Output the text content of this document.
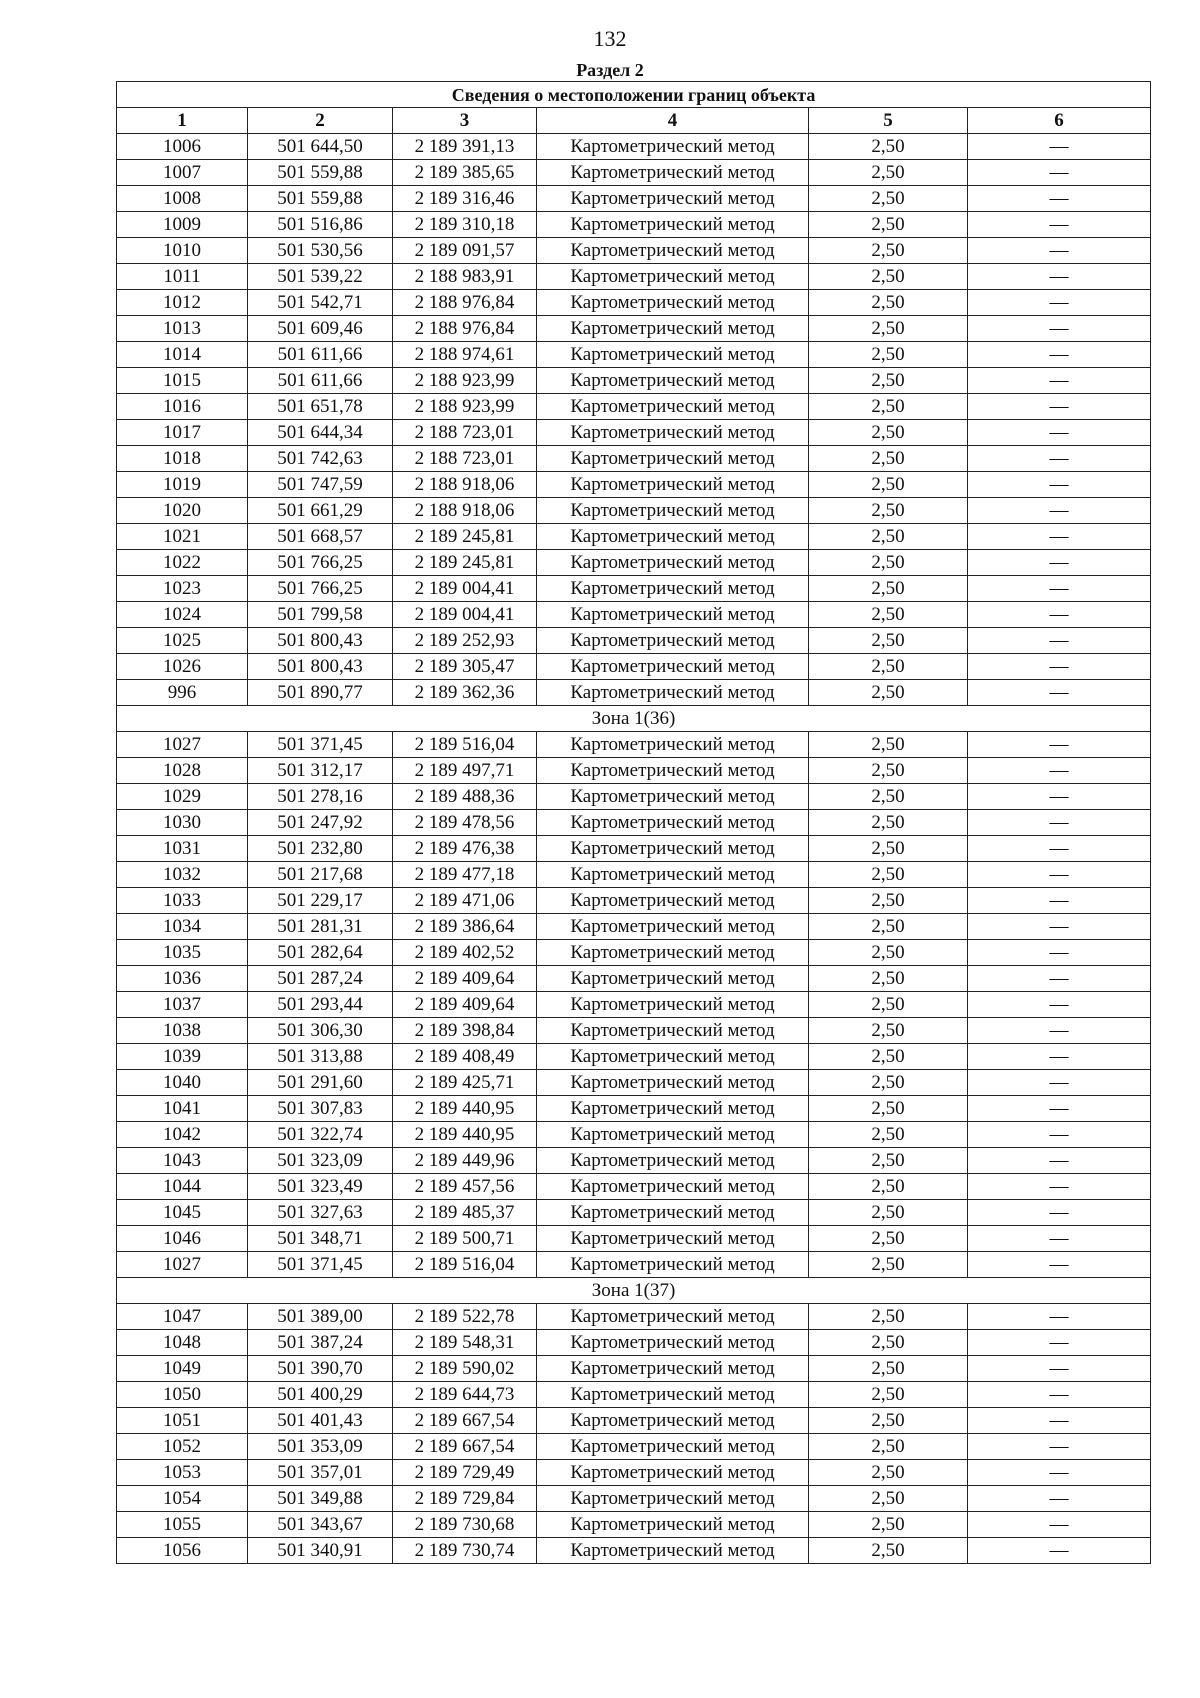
132
Раздел 2
Сведения о местоположении границ объекта					
1	2	3	4	5	6
1006	501 644,50	2 189 391,13	Картометрический метод	2,50	—
1007	501 559,88	2 189 385,65	Картометрический метод	2,50	—
1008	501 559,88	2 189 316,46	Картометрический метод	2,50	—
1009	501 516,86	2 189 310,18	Картометрический метод	2,50	—
1010	501 530,56	2 189 091,57	Картометрический метод	2,50	—
1011	501 539,22	2 188 983,91	Картометрический метод	2,50	—
1012	501 542,71	2 188 976,84	Картометрический метод	2,50	—
1013	501 609,46	2 188 976,84	Картометрический метод	2,50	—
1014	501 611,66	2 188 974,61	Картометрический метод	2,50	—
1015	501 611,66	2 188 923,99	Картометрический метод	2,50	—
1016	501 651,78	2 188 923,99	Картометрический метод	2,50	—
1017	501 644,34	2 188 723,01	Картометрический метод	2,50	—
1018	501 742,63	2 188 723,01	Картометрический метод	2,50	—
1019	501 747,59	2 188 918,06	Картометрический метод	2,50	—
1020	501 661,29	2 188 918,06	Картометрический метод	2,50	—
1021	501 668,57	2 189 245,81	Картометрический метод	2,50	—
1022	501 766,25	2 189 245,81	Картометрический метод	2,50	—
1023	501 766,25	2 189 004,41	Картометрический метод	2,50	—
1024	501 799,58	2 189 004,41	Картометрический метод	2,50	—
1025	501 800,43	2 189 252,93	Картометрический метод	2,50	—
1026	501 800,43	2 189 305,47	Картометрический метод	2,50	—
996	501 890,77	2 189 362,36	Картометрический метод	2,50	—
Зона 1(36)					
1027	501 371,45	2 189 516,04	Картометрический метод	2,50	—
1028	501 312,17	2 189 497,71	Картометрический метод	2,50	—
1029	501 278,16	2 189 488,36	Картометрический метод	2,50	—
1030	501 247,92	2 189 478,56	Картометрический метод	2,50	—
1031	501 232,80	2 189 476,38	Картометрический метод	2,50	—
1032	501 217,68	2 189 477,18	Картометрический метод	2,50	—
1033	501 229,17	2 189 471,06	Картометрический метод	2,50	—
1034	501 281,31	2 189 386,64	Картометрический метод	2,50	—
1035	501 282,64	2 189 402,52	Картометрический метод	2,50	—
1036	501 287,24	2 189 409,64	Картометрический метод	2,50	—
1037	501 293,44	2 189 409,64	Картометрический метод	2,50	—
1038	501 306,30	2 189 398,84	Картометрический метод	2,50	—
1039	501 313,88	2 189 408,49	Картометрический метод	2,50	—
1040	501 291,60	2 189 425,71	Картометрический метод	2,50	—
1041	501 307,83	2 189 440,95	Картометрический метод	2,50	—
1042	501 322,74	2 189 440,95	Картометрический метод	2,50	—
1043	501 323,09	2 189 449,96	Картометрический метод	2,50	—
1044	501 323,49	2 189 457,56	Картометрический метод	2,50	—
1045	501 327,63	2 189 485,37	Картометрический метод	2,50	—
1046	501 348,71	2 189 500,71	Картометрический метод	2,50	—
1027	501 371,45	2 189 516,04	Картометрический метод	2,50	—
Зона 1(37)					
1047	501 389,00	2 189 522,78	Картометрический метод	2,50	—
1048	501 387,24	2 189 548,31	Картометрический метод	2,50	—
1049	501 390,70	2 189 590,02	Картометрический метод	2,50	—
1050	501 400,29	2 189 644,73	Картометрический метод	2,50	—
1051	501 401,43	2 189 667,54	Картометрический метод	2,50	—
1052	501 353,09	2 189 667,54	Картометрический метод	2,50	—
1053	501 357,01	2 189 729,49	Картометрический метод	2,50	—
1054	501 349,88	2 189 729,84	Картометрический метод	2,50	—
1055	501 343,67	2 189 730,68	Картометрический метод	2,50	—
1056	501 340,91	2 189 730,74	Картометрический метод	2,50	—
